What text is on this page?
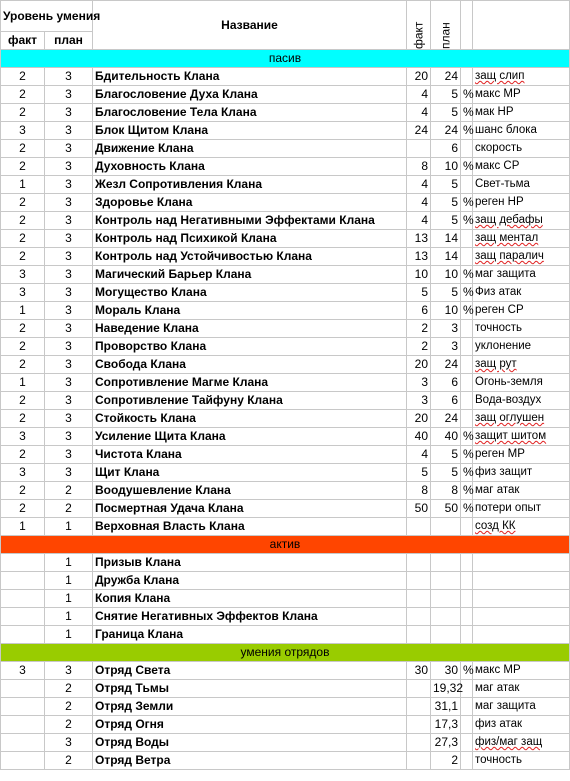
Уровень умения		Название	факт	план		
факт	план					
пасив						
2	3	Бдительность Клана	20	24		защ слип
2	3	Благословение Духа Клана	4	5	%	макс МР
2	3	Благословение Тела Клана	4	5	%	мак НР
3	3	Блок Щитом Клана	24	24	%	шанс блока
2	3	Движение Клана		6		скорость
2	3	Духовность Клана	8	10	%	макс СР
1	3	Жезл Сопротивления Клана	4	5		Свет-тьма
2	3	Здоровье Клана	4	5	%	реген НР
2	3	Контроль над Негативными Эффектами Клана	4	5	%	защ дебафы
2	3	Контроль над Психикой Клана	13	14		защ ментал
2	3	Контроль над Устойчивостью Клана	13	14		защ паралич
3	3	Магический Барьер Клана	10	10	%	маг защита
3	3	Могущество Клана	5	5	%	Физ атак
1	3	Мораль Клана	6	10	%	реген СР
2	3	Наведение Клана	2	3		точность
2	3	Проворство Клана	2	3		уклонение
2	3	Свобода Клана	20	24		защ рут
1	3	Сопротивление Магме Клана	3	6		Огонь-земля
2	3	Сопротивление Тайфуну Клана	3	6		Вода-воздух
2	3	Стойкость Клана	20	24		защ оглушен
3	3	Усиление Щита Клана	40	40	%	защит шитом
2	3	Чистота Клана	4	5	%	реген МР
3	3	Щит Клана	5	5	%	физ защит
2	2	Воодушевление Клана	8	8	%	маг атак
2	2	Посмертная Удача Клана	50	50	%	потери опыт
1	1	Верховная Власть Клана				созд КК
актив						
	1	Призыв Клана				
	1	Дружба Клана				
	1	Копия Клана				
	1	Снятие Негативных Эффектов Клана				
	1	Граница Клана				
умения отрядов						
3	3	Отряд Света	30	30	%	макс МР
	2	Отряд Тьмы		19,32		маг атак
	2	Отряд Земли		31,1		маг защита
	2	Отряд Огня		17,3		физ атак
	3	Отряд Воды		27,3		физ/маг защ
	2	Отряд Ветра		2		точность
